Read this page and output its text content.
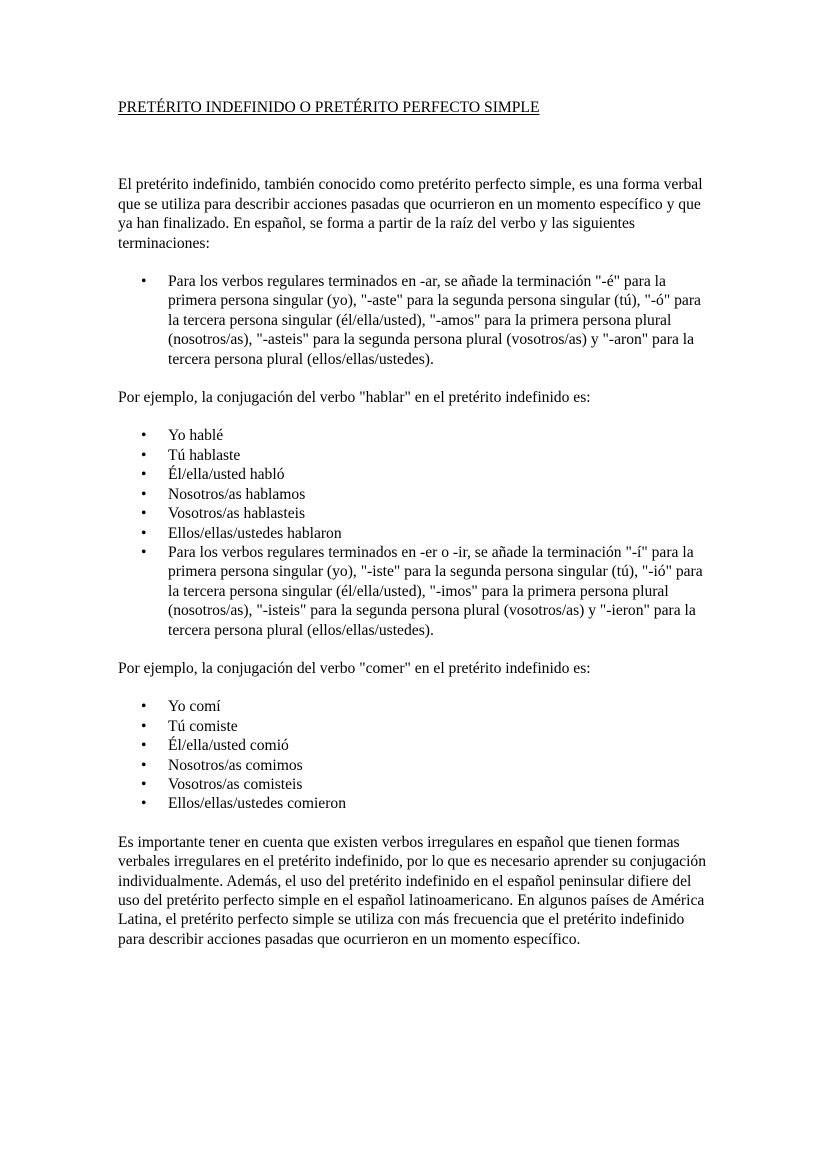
PRETÉRITO INDEFINIDO O PRETÉRITO PERFECTO SIMPLE

El pretérito indefinido, también conocido como pretérito perfecto simple, es una forma verbal que se utiliza para describir acciones pasadas que ocurrieron en un momento específico y que ya han finalizado. En español, se forma a partir de la raíz del verbo y las siguientes terminaciones:

• Para los verbos regulares terminados en -ar, se añade la terminación "-é" para la primera persona singular (yo), "-aste" para la segunda persona singular (tú), "-ó" para la tercera persona singular (él/ella/usted), "-amos" para la primera persona plural (nosotros/as), "-asteis" para la segunda persona plural (vosotros/as) y "-aron" para la tercera persona plural (ellos/ellas/ustedes).

Por ejemplo, la conjugación del verbo "hablar" en el pretérito indefinido es:

• Yo hablé
• Tú hablaste
• Él/ella/usted habló
• Nosotros/as hablamos
• Vosotros/as hablasteis
• Ellos/ellas/ustedes hablaron
• Para los verbos regulares terminados en -er o -ir, se añade la terminación "-í" para la primera persona singular (yo), "-iste" para la segunda persona singular (tú), "-ió" para la tercera persona singular (él/ella/usted), "-imos" para la primera persona plural (nosotros/as), "-isteis" para la segunda persona plural (vosotros/as) y "-ieron" para la tercera persona plural (ellos/ellas/ustedes).

Por ejemplo, la conjugación del verbo "comer" en el pretérito indefinido es:

• Yo comí
• Tú comiste
• Él/ella/usted comió
• Nosotros/as comimos
• Vosotros/as comisteis
• Ellos/ellas/ustedes comieron

Es importante tener en cuenta que existen verbos irregulares en español que tienen formas verbales irregulares en el pretérito indefinido, por lo que es necesario aprender su conjugación individualmente. Además, el uso del pretérito indefinido en el español peninsular difiere del uso del pretérito perfecto simple en el español latinoamericano. En algunos países de América Latina, el pretérito perfecto simple se utiliza con más frecuencia que el pretérito indefinido para describir acciones pasadas que ocurrieron en un momento específico.
